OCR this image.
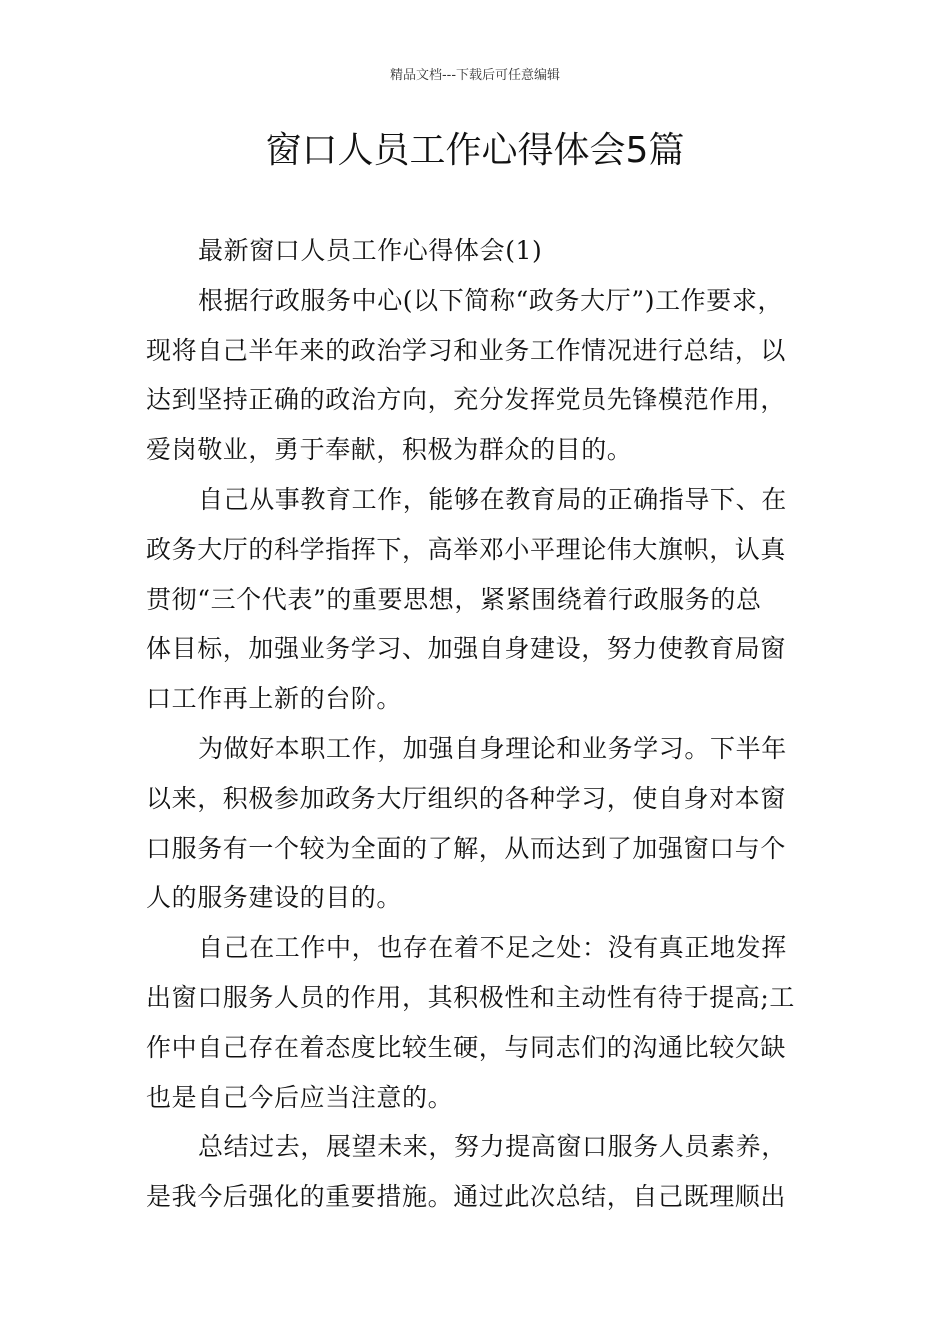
精品文档---下载后可任意编辑
窗口人员工作心得体会5篇
最新窗口人员工作心得体会(1)
根据行政服务中心(以下简称“政务大厅”)工作要求，
现将自己半年来的政治学习和业务工作情况进行总结，以
达到坚持正确的政治方向，充分发挥党员先锋模范作用，
爱岗敬业，勇于奉献，积极为群众的目的。
自己从事教育工作，能够在教育局的正确指导下、在
政务大厅的科学指挥下，高举邓小平理论伟大旗帜，认真
贯彻“三个代表”的重要思想，紧紧围绕着行政服务的总
体目标，加强业务学习、加强自身建设，努力使教育局窗
口工作再上新的台阶。
为做好本职工作，加强自身理论和业务学习。下半年
以来，积极参加政务大厅组织的各种学习，使自身对本窗
口服务有一个较为全面的了解，从而达到了加强窗口与个
人的服务建设的目的。
自己在工作中，也存在着不足之处：没有真正地发挥
出窗口服务人员的作用，其积极性和主动性有待于提高;工
作中自己存在着态度比较生硬，与同志们的沟通比较欠缺
也是自己今后应当注意的。
总结过去，展望未来，努力提高窗口服务人员素养，
是我今后强化的重要措施。通过此次总结，自己既理顺出
